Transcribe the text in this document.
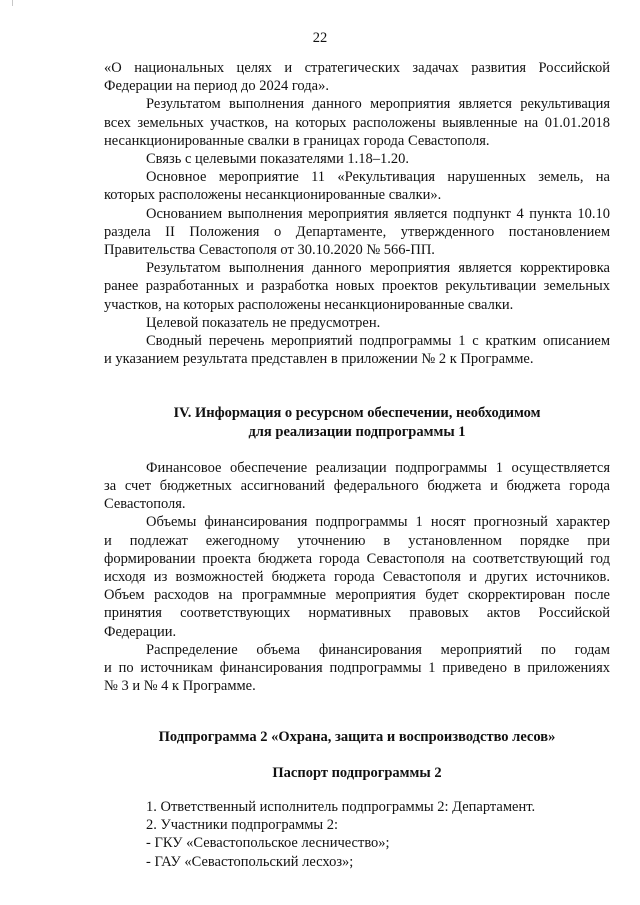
22
«О национальных целях и стратегических задачах развития Российской
Федерации на период до 2024 года».
Результатом выполнения данного мероприятия является рекультивация
всех земельных участков, на которых расположены выявленные на 01.01.2018
несанкционированные свалки в границах города Севастополя.
Связь с целевыми показателями 1.18–1.20.
Основное мероприятие 11 «Рекультивация нарушенных земель, на
которых расположены несанкционированные свалки».
Основанием выполнения мероприятия является подпункт 4 пункта 10.10
раздела II Положения о Департаменте, утвержденного постановлением
Правительства Севастополя от 30.10.2020 № 566-ПП.
Результатом выполнения данного мероприятия является корректировка
ранее разработанных и разработка новых проектов рекультивации земельных
участков, на которых расположены несанкционированные свалки.
Целевой показатель не предусмотрен.
Сводный перечень мероприятий подпрограммы 1 с кратким описанием
и указанием результата представлен в приложении № 2 к Программе.
IV. Информация о ресурсном обеспечении, необходимом
для реализации подпрограммы 1
Финансовое обеспечение реализации подпрограммы 1 осуществляется
за счет бюджетных ассигнований федерального бюджета и бюджета города
Севастополя.
Объемы финансирования подпрограммы 1 носят прогнозный характер
и подлежат ежегодному уточнению в установленном порядке при
формировании проекта бюджета города Севастополя на соответствующий год
исходя из возможностей бюджета города Севастополя и других источников.
Объем расходов на программные мероприятия будет скорректирован после
принятия соответствующих нормативных правовых актов Российской
Федерации.
Распределение объема финансирования мероприятий по годам
и по источникам финансирования подпрограммы 1 приведено в приложениях
№ 3 и № 4 к Программе.
Подпрограмма 2 «Охрана, защита и воспроизводство лесов»
Паспорт подпрограммы 2
1. Ответственный исполнитель подпрограммы 2: Департамент.
2. Участники подпрограммы 2:
- ГКУ «Севастопольское лесничество»;
- ГАУ «Севастопольский лесхоз»;
